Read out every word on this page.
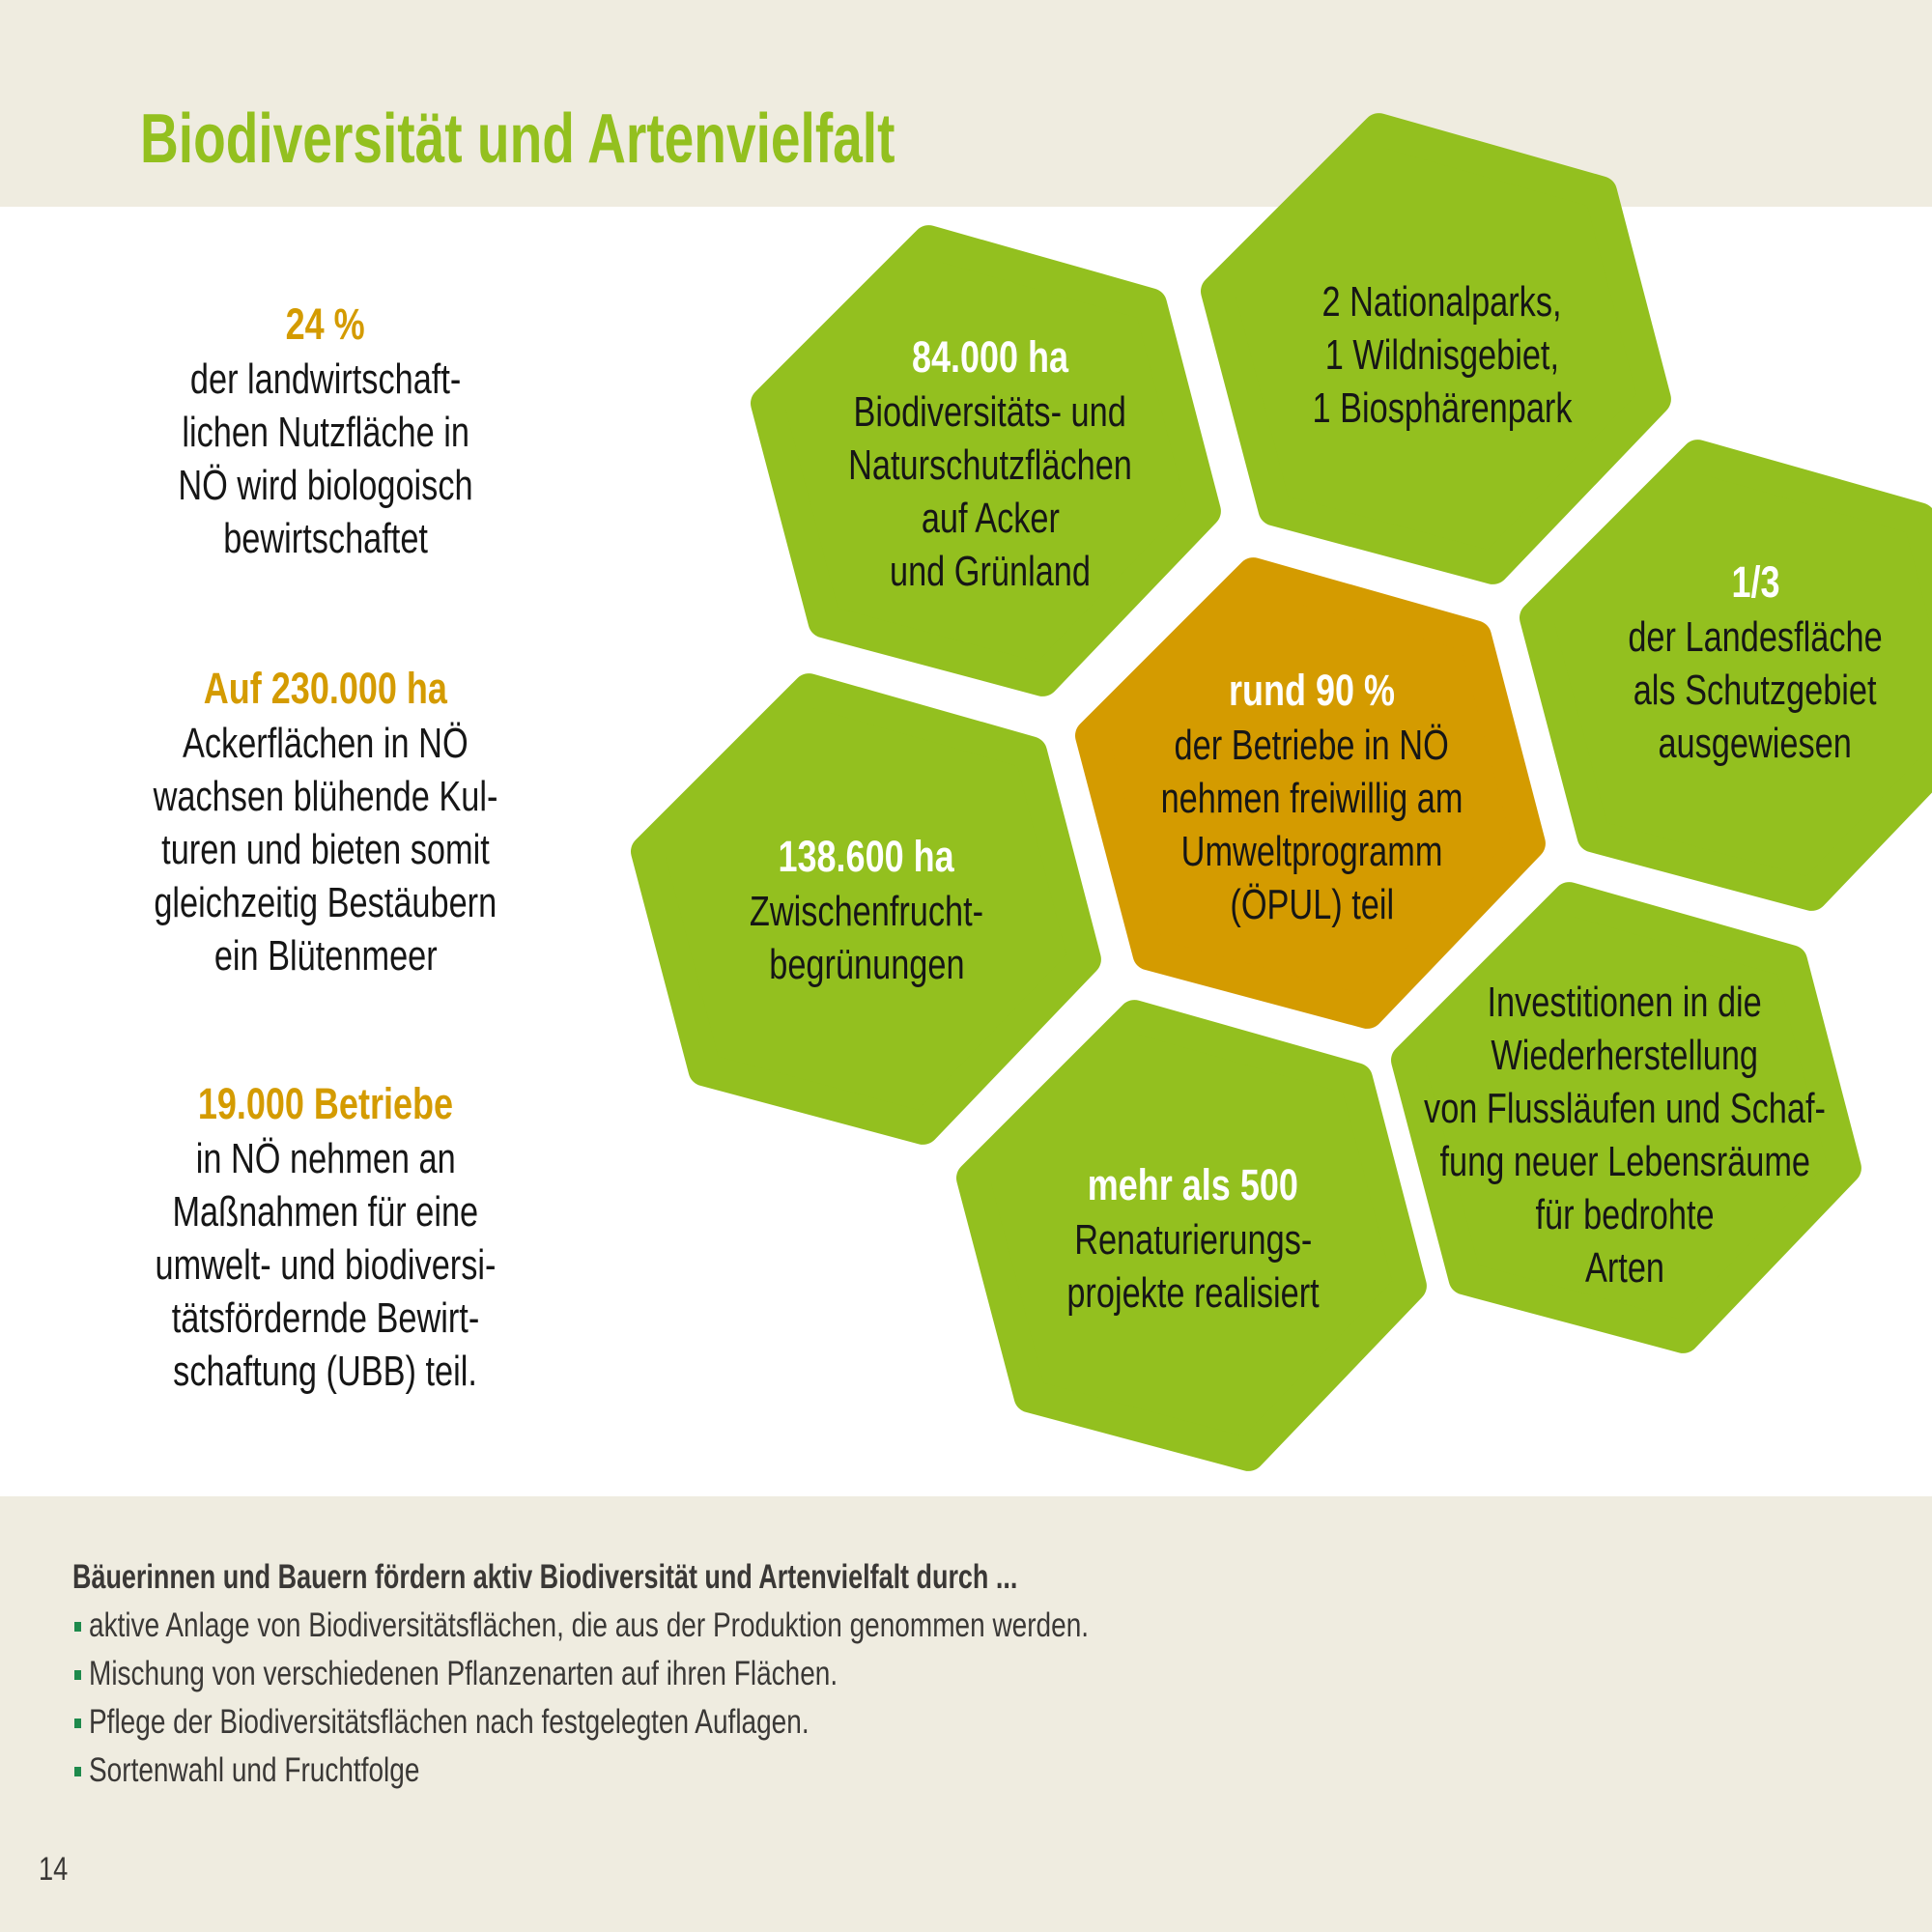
Biodiversität und Artenvielfalt
24 %
der landwirtschaft-
lichen Nutzfläche in
NÖ wird biologoisch
bewirtschaftet
Auf 230.000 ha
Ackerflächen in NÖ
wachsen blühende Kul-
turen und bieten somit
gleichzeitig Bestäubern
ein Blütenmeer
19.000 Betriebe
in NÖ nehmen an
Maßnahmen für eine
umwelt- und biodiversi-
tätsfördernde Bewirt-
schaftung (UBB) teil.
84.000 ha
Biodiversitäts- und
Naturschutzflächen
auf Acker
und Grünland
2 Nationalparks,
1 Wildnisgebiet,
1 Biosphärenpark
rund 90 %
der Betriebe in NÖ
nehmen freiwillig am
Umweltprogramm
(ÖPUL) teil
1/3
der Landesfläche
als Schutzgebiet
ausgewiesen
138.600 ha
Zwischenfrucht-
begrünungen
mehr als 500
Renaturierungs-
projekte realisiert
Investitionen in die
Wiederherstellung
von Flussläufen und Schaf-
fung neuer Lebensräume
für bedrohte
Arten
Bäuerinnen und Bauern fördern aktiv Biodiversität und Artenvielfalt durch ...
aktive Anlage von Biodiversitätsflächen, die aus der Produktion genommen werden.
Mischung von verschiedenen Pflanzenarten auf ihren Flächen.
Pflege der Biodiversitätsflächen nach festgelegten Auflagen.
Sortenwahl und Fruchtfolge
14
